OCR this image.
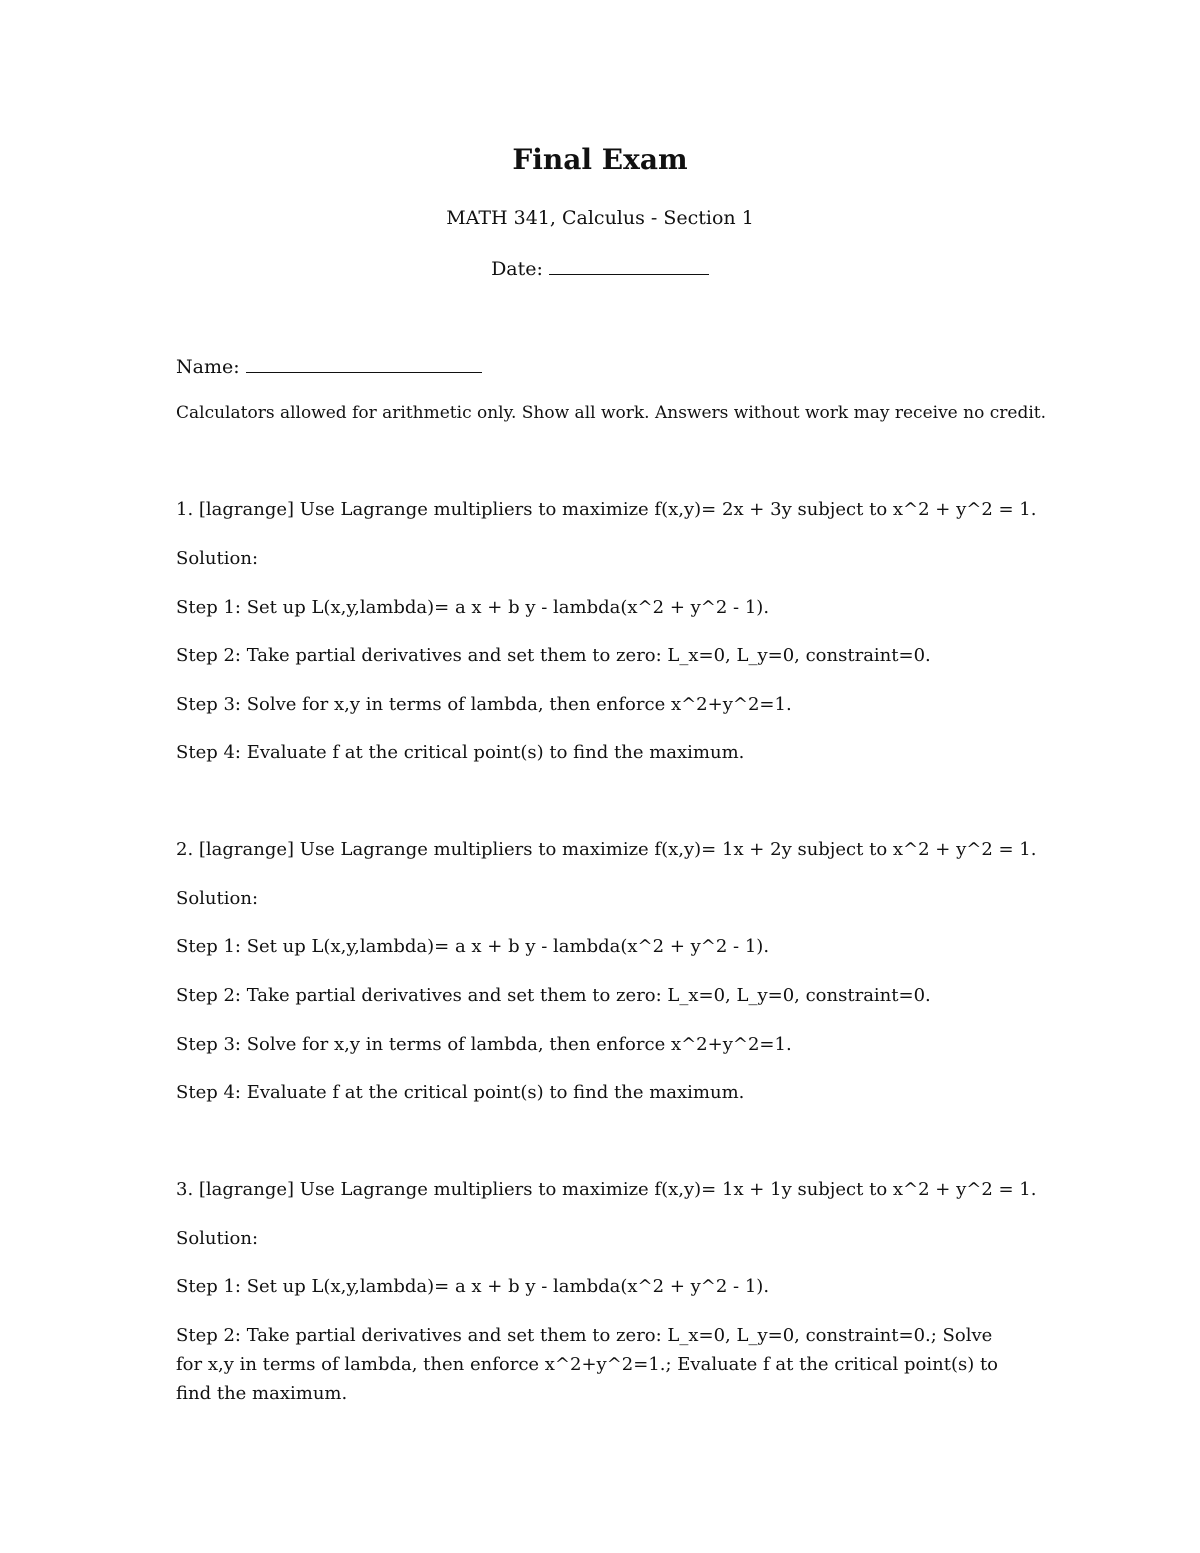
Final Exam
MATH 341, Calculus - Section 1
Date:
Name:
Calculators allowed for arithmetic only. Show all work. Answers without work may receive no credit.
1. [lagrange] Use Lagrange multipliers to maximize f(x,y)= 2x + 3y subject to x^2 + y^2 = 1.
Solution:
Step 1: Set up L(x,y,lambda)= a x + b y - lambda(x^2 + y^2 - 1).
Step 2: Take partial derivatives and set them to zero: L_x=0, L_y=0, constraint=0.
Step 3: Solve for x,y in terms of lambda, then enforce x^2+y^2=1.
Step 4: Evaluate f at the critical point(s) to find the maximum.
2. [lagrange] Use Lagrange multipliers to maximize f(x,y)= 1x + 2y subject to x^2 + y^2 = 1.
Solution:
Step 1: Set up L(x,y,lambda)= a x + b y - lambda(x^2 + y^2 - 1).
Step 2: Take partial derivatives and set them to zero: L_x=0, L_y=0, constraint=0.
Step 3: Solve for x,y in terms of lambda, then enforce x^2+y^2=1.
Step 4: Evaluate f at the critical point(s) to find the maximum.
3. [lagrange] Use Lagrange multipliers to maximize f(x,y)= 1x + 1y subject to x^2 + y^2 = 1.
Solution:
Step 1: Set up L(x,y,lambda)= a x + b y - lambda(x^2 + y^2 - 1).
Step 2: Take partial derivatives and set them to zero: L_x=0, L_y=0, constraint=0.; Solve for x,y in terms of lambda, then enforce x^2+y^2=1.; Evaluate f at the critical point(s) to find the maximum.
